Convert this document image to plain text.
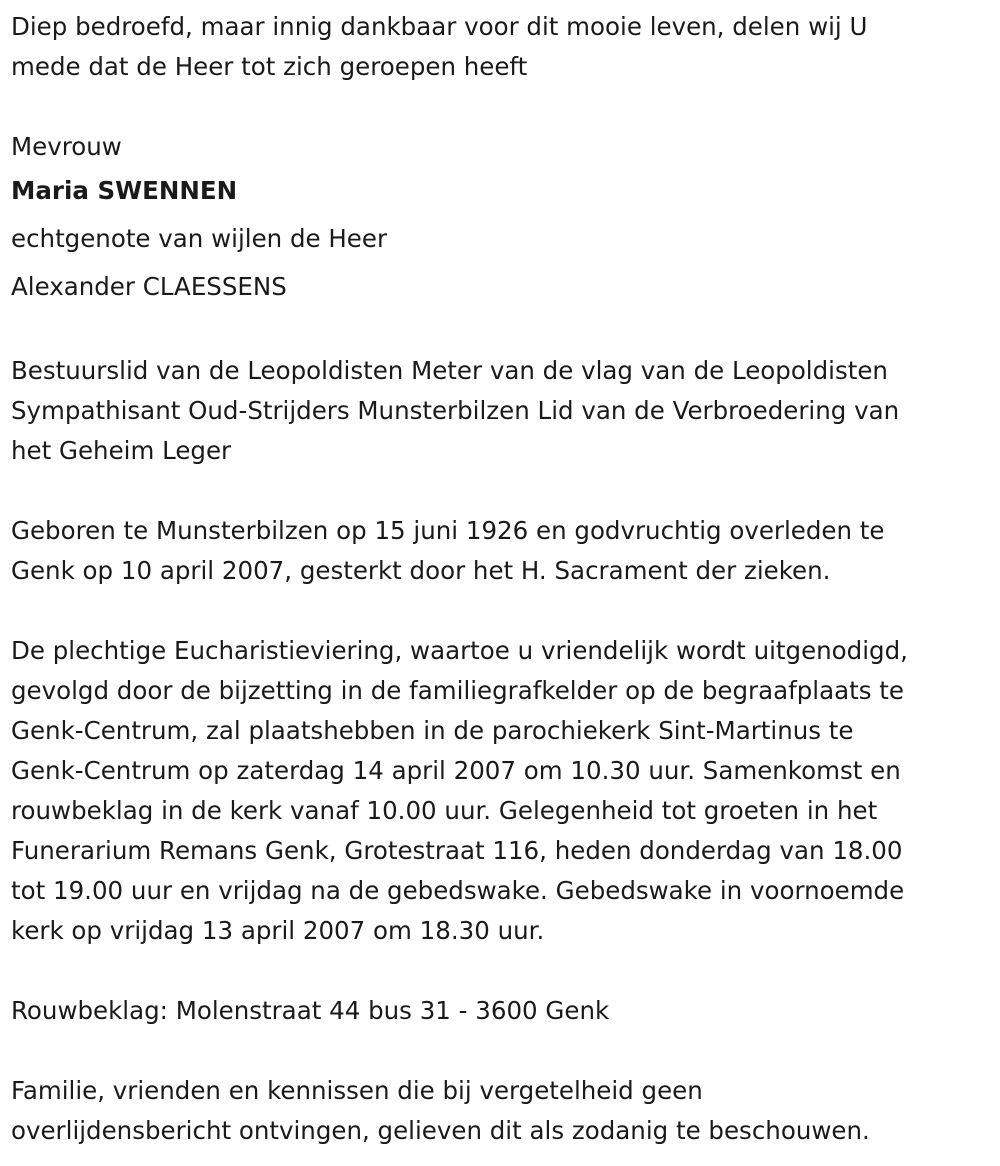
Diep bedroefd, maar innig dankbaar voor dit mooie leven, delen wij U
mede dat de Heer tot zich geroepen heeft
Mevrouw
Maria SWENNEN
echtgenote van wijlen de Heer
Alexander CLAESSENS
Bestuurslid van de Leopoldisten Meter van de vlag van de Leopoldisten
Sympathisant Oud-Strijders Munsterbilzen Lid van de Verbroedering van
het Geheim Leger
Geboren te Munsterbilzen op 15 juni 1926 en godvruchtig overleden te
Genk op 10 april 2007, gesterkt door het H. Sacrament der zieken.
De plechtige Eucharistieviering, waartoe u vriendelijk wordt uitgenodigd,
gevolgd door de bijzetting in de familiegrafkelder op de begraafplaats te
Genk-Centrum, zal plaatshebben in de parochiekerk Sint-Martinus te
Genk-Centrum op zaterdag 14 april 2007 om 10.30 uur. Samenkomst en
rouwbeklag in de kerk vanaf 10.00 uur. Gelegenheid tot groeten in het
Funerarium Remans Genk, Grotestraat 116, heden donderdag van 18.00
tot 19.00 uur en vrijdag na de gebedswake. Gebedswake in voornoemde
kerk op vrijdag 13 april 2007 om 18.30 uur.
Rouwbeklag: Molenstraat 44 bus 31 - 3600 Genk
Familie, vrienden en kennissen die bij vergetelheid geen
overlijdensbericht ontvingen, gelieven dit als zodanig te beschouwen.
